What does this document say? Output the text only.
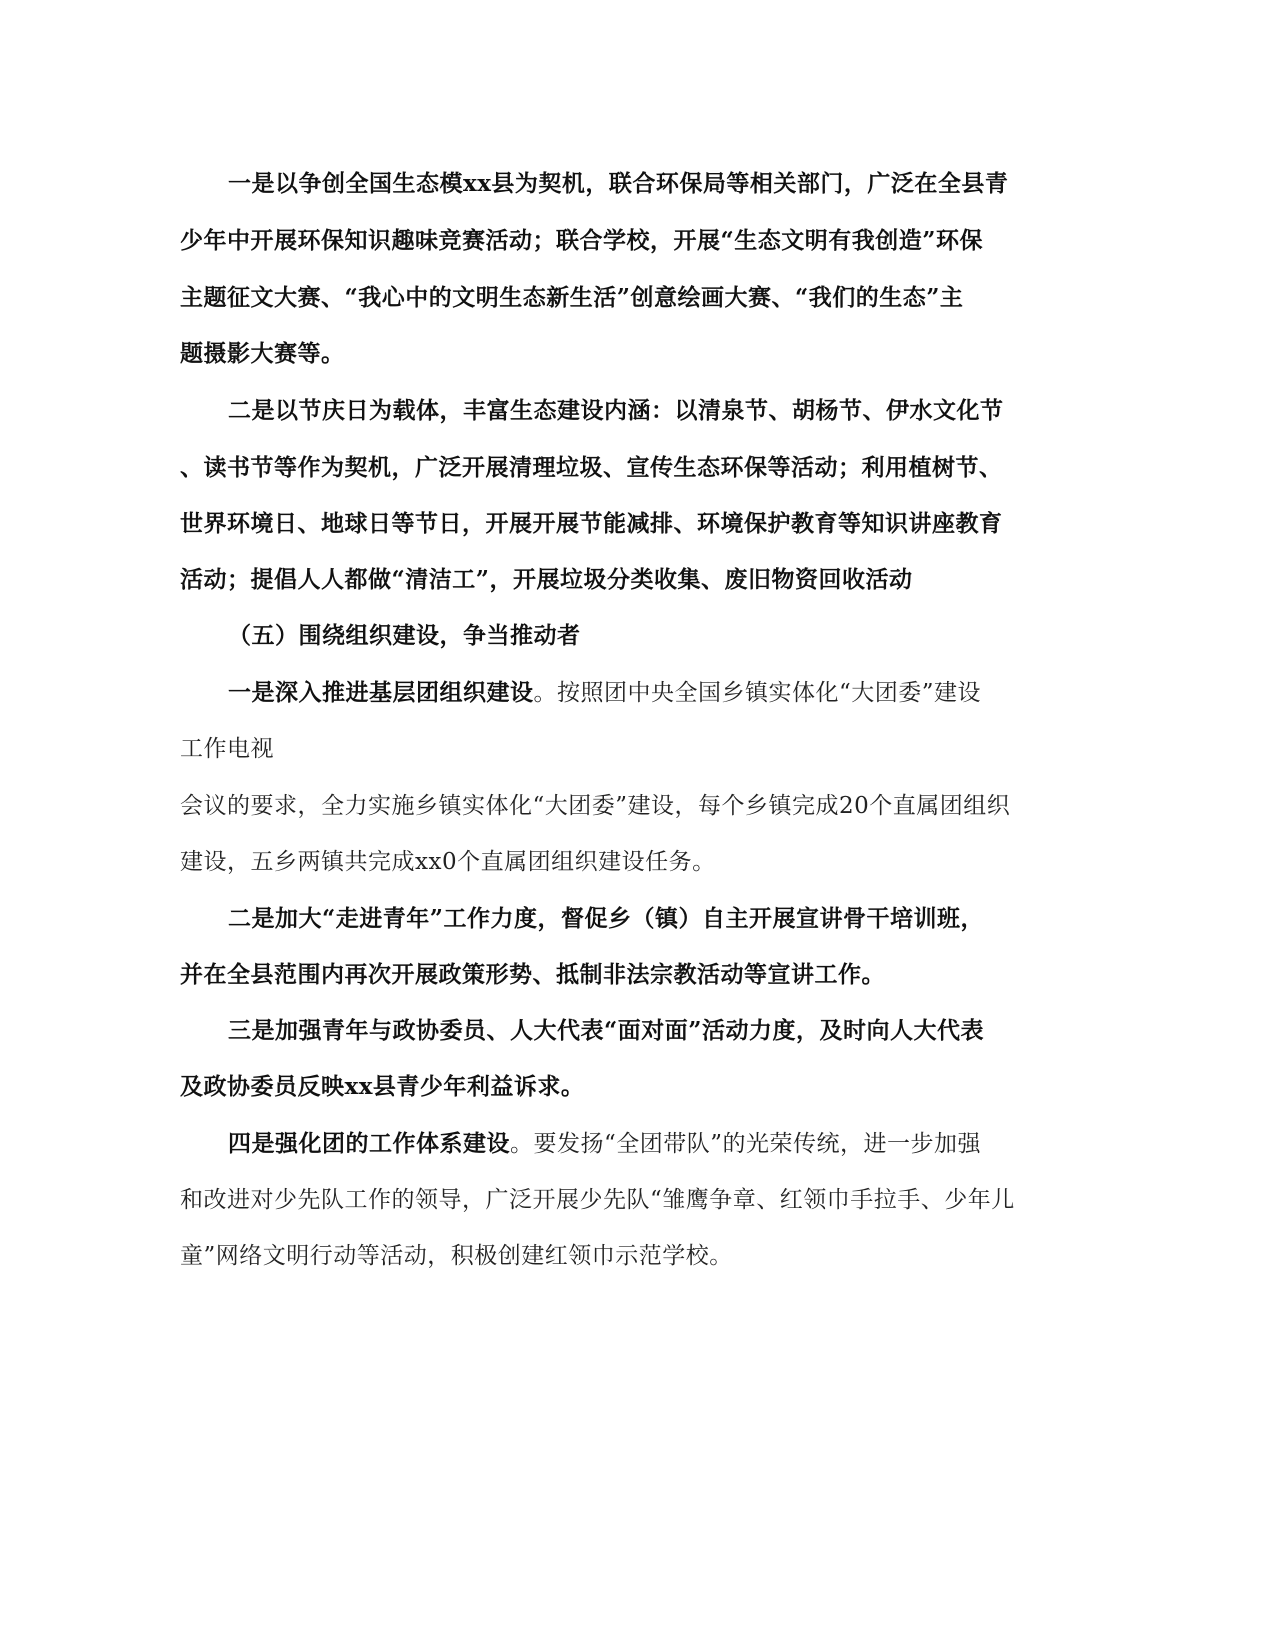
一是以争创全国生态模xx县为契机，联合环保局等相关部门，广泛在全县青
少年中开展环保知识趣味竞赛活动；联合学校，开展“生态文明有我创造”环保
主题征文大赛、“我心中的文明生态新生活”创意绘画大赛、“我们的生态”主
题摄影大赛等。
二是以节庆日为载体，丰富生态建设内涵：以清泉节、胡杨节、伊水文化节
、读书节等作为契机，广泛开展清理垃圾、宣传生态环保等活动；利用植树节、
世界环境日、地球日等节日，开展开展节能减排、环境保护教育等知识讲座教育
活动；提倡人人都做“清洁工”，开展垃圾分类收集、废旧物资回收活动
（五）围绕组织建设，争当推动者
一是深入推进基层团组织建设。按照团中央全国乡镇实体化“大团委”建设
工作电视
会议的要求，全力实施乡镇实体化“大团委”建设，每个乡镇完成20个直属团组织
建设，五乡两镇共完成xx0个直属团组织建设任务。
二是加大“走进青年”工作力度，督促乡（镇）自主开展宣讲骨干培训班，
并在全县范围内再次开展政策形势、抵制非法宗教活动等宣讲工作。
三是加强青年与政协委员、人大代表“面对面”活动力度，及时向人大代表
及政协委员反映xx县青少年利益诉求。
四是强化团的工作体系建设。要发扬“全团带队”的光荣传统，进一步加强
和改进对少先队工作的领导，广泛开展少先队“雏鹰争章、红领巾手拉手、少年儿
童”网络文明行动等活动，积极创建红领巾示范学校。
